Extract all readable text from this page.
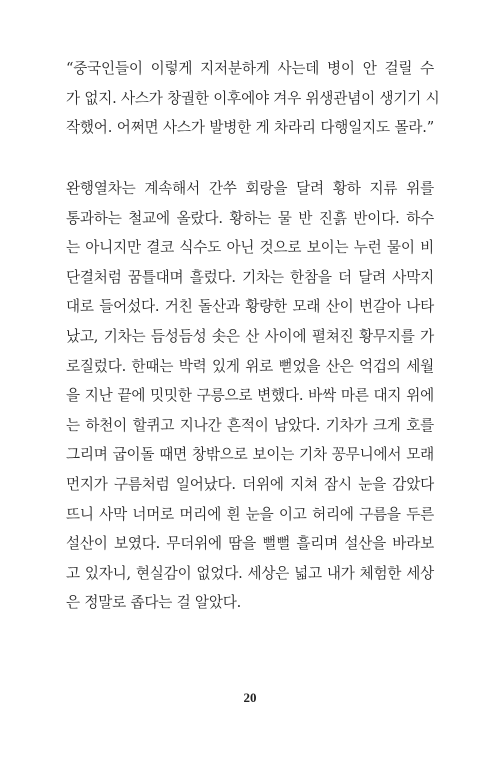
“중국인들이 이렇게 지저분하게 사는데 병이 안 걸릴 수
가 없지. 사스가 창궐한 이후에야 겨우 위생관념이 생기기 시
작했어. 어쩌면 사스가 발병한 게 차라리 다행일지도 몰라.”
완행열차는 계속해서 간쑤 회랑을 달려 황하 지류 위를
통과하는 철교에 올랐다. 황하는 물 반 진흙 반이다. 하수
는 아니지만 결코 식수도 아닌 것으로 보이는 누런 물이 비
단결처럼 꿈틀대며 흘렀다. 기차는 한참을 더 달려 사막지
대로 들어섰다. 거친 돌산과 황량한 모래 산이 번갈아 나타
났고, 기차는 듬성듬성 솟은 산 사이에 펼쳐진 황무지를 가
로질렀다. 한때는 박력 있게 위로 뻗었을 산은 억겁의 세월
을 지난 끝에 밋밋한 구릉으로 변했다. 바싹 마른 대지 위에
는 하천이 할퀴고 지나간 흔적이 남았다. 기차가 크게 호를
그리며 굽이돌 때면 창밖으로 보이는 기차 꽁무니에서 모래
먼지가 구름처럼 일어났다. 더위에 지쳐 잠시 눈을 감았다
뜨니 사막 너머로 머리에 흰 눈을 이고 허리에 구름을 두른
설산이 보였다. 무더위에 땀을 뻘뻘 흘리며 설산을 바라보
고 있자니, 현실감이 없었다. 세상은 넓고 내가 체험한 세상
은 정말로 좁다는 걸 알았다.
20
